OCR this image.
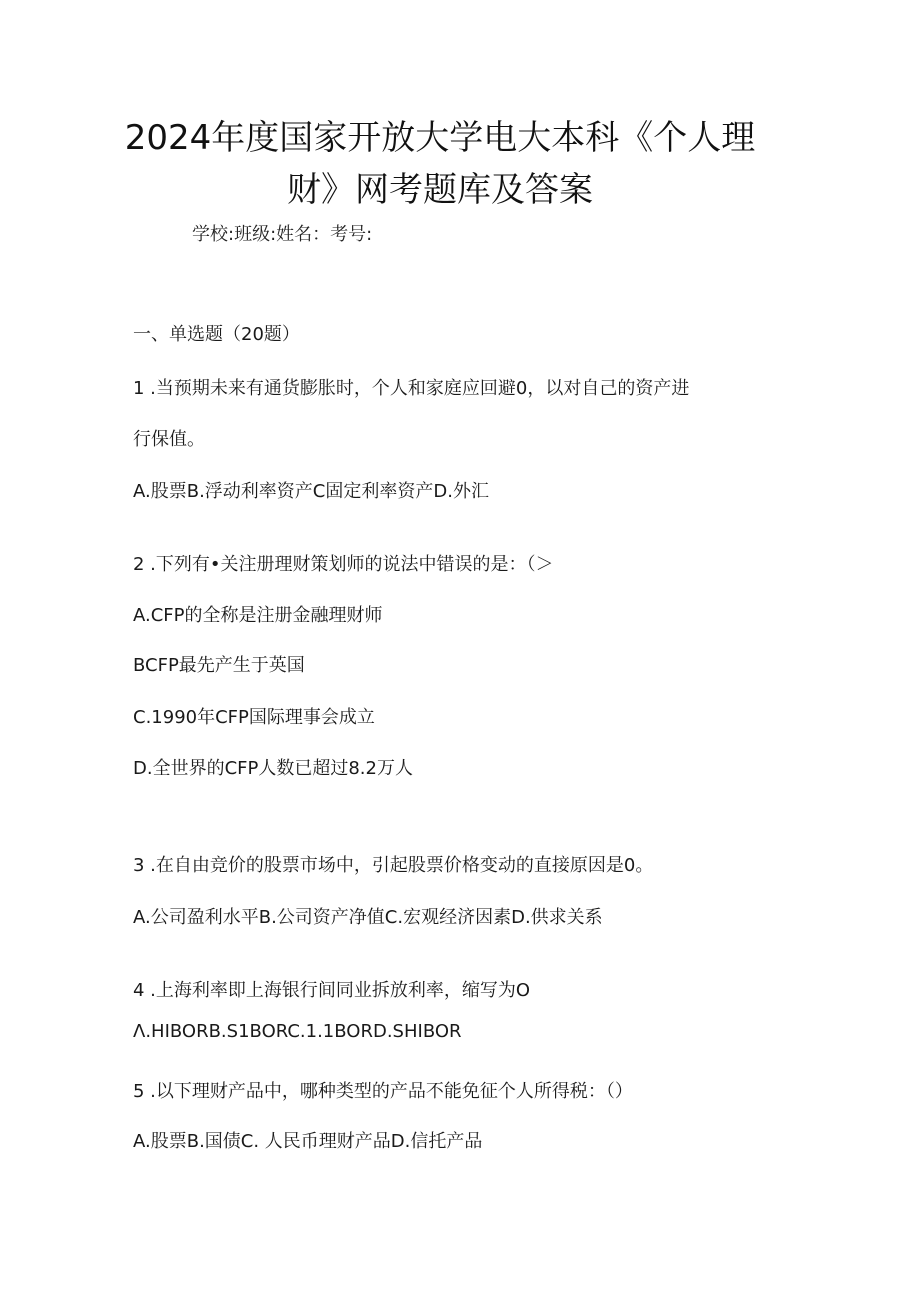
2024年度国家开放大学电大本科《个人理
财》网考题库及答案
学校:班级:姓名：考号:
一、单选题（20题）
1 .当预期未来有通货膨胀时，个人和家庭应回避0，以对自己的资产进
行保值。
A.股票B.浮动利率资产C固定利率资产D.外汇
2 .下列有•关注册理财策划师的说法中错误的是：（＞
A.CFP的全称是注册金融理财师
BCFP最先产生于英国
C.1990年CFP国际理事会成立
D.全世界的CFP人数已超过8.2万人
3 .在自由竞价的股票市场中，引起股票价格变动的直接原因是0。
A.公司盈利水平B.公司资产净值C.宏观经济因素D.供求关系
4 .上海利率即上海银行间同业拆放利率，缩写为O
Λ.HIBORB.S1BORC.1.1BORD.SHIBOR
5 .以下理财产品中，哪种类型的产品不能免征个人所得税：（）
A.股票B.国债C. 人民币理财产品D.信托产品
